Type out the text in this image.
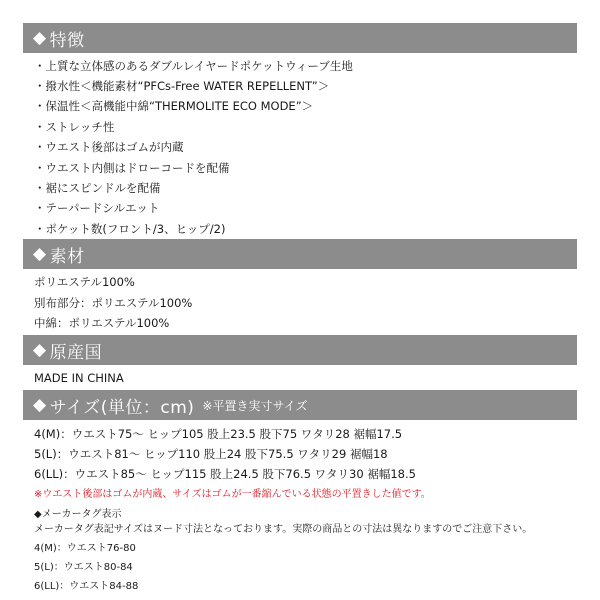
◆ 特徴
・上質な立体感のあるダブルレイヤードポケットウィーブ生地
・撥水性＜機能素材“PFCs-Free WATER REPELLENT”＞
・保温性＜高機能中綿“THERMOLITE ECO MODE”＞
・ストレッチ性
・ウエスト後部はゴムが内蔵
・ウエスト内側はドローコードを配備
・裾にスピンドルを配備
・テーパードシルエット
・ポケット数(フロント/3、ヒップ/2)
◆ 素材
ポリエステル100%
別布部分：ポリエステル100%
中綿：ポリエステル100%
◆ 原産国
MADE IN CHINA
◆ サイズ(単位：cm) ※平置き実寸サイズ
4(M)：ウエスト75～ ヒップ105 股上23.5 股下75 ワタリ28 裾幅17.5
5(L)：ウエスト81～ ヒップ110 股上24 股下75.5 ワタリ29 裾幅18
6(LL)：ウエスト85～ ヒップ115 股上24.5 股下76.5 ワタリ30 裾幅18.5
※ウエスト後部はゴムが内蔵、サイズはゴムが一番縮んでいる状態の平置きした値です。
◆メーカータグ表示
メーカータグ表記サイズはヌード寸法となっております。実際の商品との寸法は異なりますのでご注意下さい。
4(M)：ウエスト76-80
5(L)：ウエスト80-84
6(LL)：ウエスト84-88
